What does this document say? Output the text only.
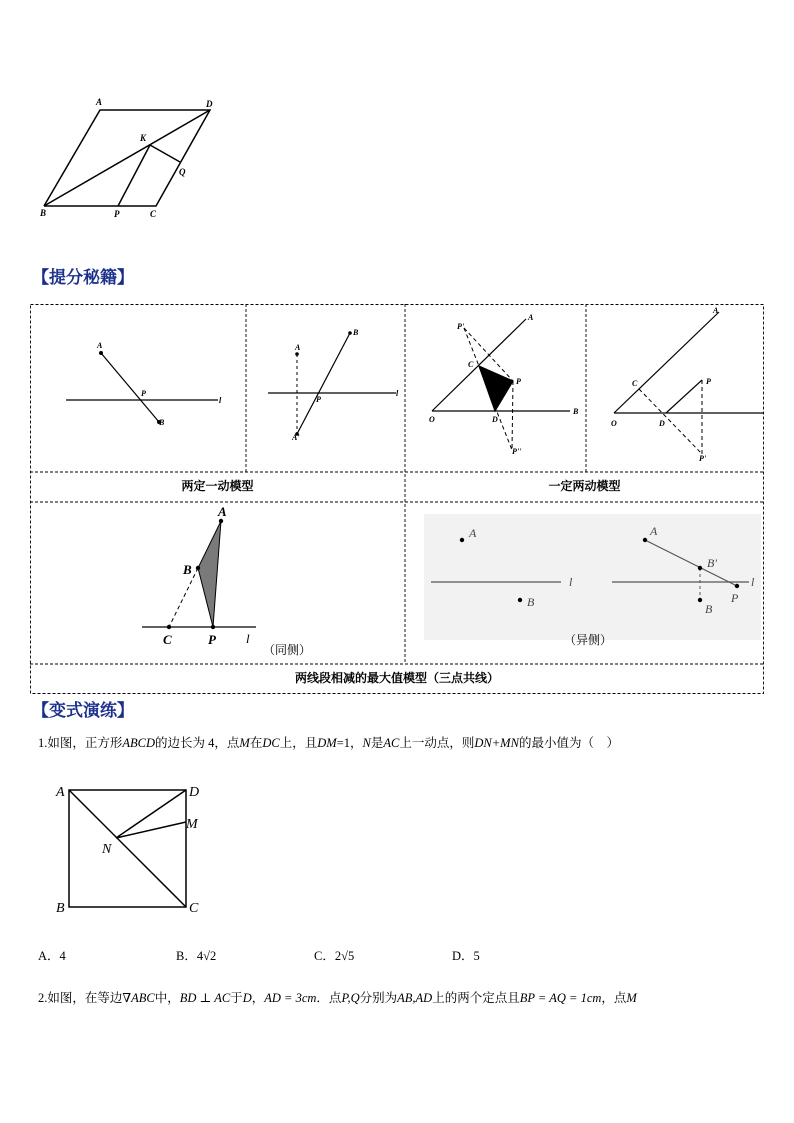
A	D
K
Q
B	P	C
【提分秘籍】
A
P
B
l
A
B
P
A'
l
P'
A
C
P
B
O	D
P''
A
C	P
O	D
P'
两定一动模型	一定两动模型
A
B
C	P l
（同侧）
A
l
B
A
B'
B
P
l
（异侧）
两线段相减的最大值模型（三点共线）
【变式演练】
1.如图，正方形ABCD的边长为 4，点M在DC上，且DM=1，N是AC上一动点，则DN+MN的最小值为（　）
A	D
M
N
B	C
A．4	B．4√2	C．2√5	D．5
2.如图，在等边∇ABC中，BD ⊥ AC于D，AD = 3cm．点P,Q分别为AB,AD上的两个定点且BP = AQ = 1cm，点M
